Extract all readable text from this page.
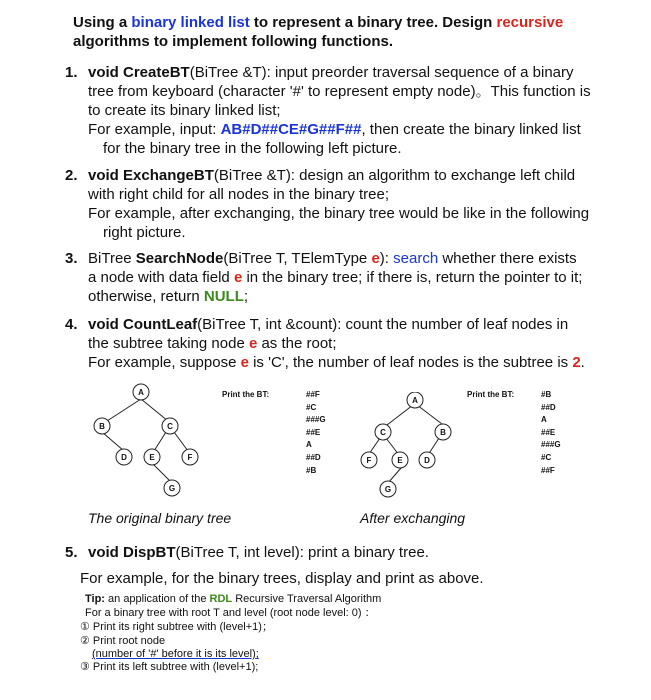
Using a binary linked list to represent a binary tree. Design recursive
algorithms to implement following functions.
1. void CreateBT(BiTree &T): input preorder traversal sequence of a binary
tree from keyboard (character '#' to represent empty node)。This function is
to create its binary linked list;
For example, input: AB#D##CE#G##F##, then create the binary linked list
for the binary tree in the following left picture.
2. void ExchangeBT(BiTree &T): design an algorithm to exchange left child
with right child for all nodes in the binary tree;
For example, after exchanging, the binary tree would be like in the following
right picture.
3. BiTree SearchNode(BiTree T, TElemType e): search whether there exists
a node with data field e in the binary tree; if there is, return the pointer to it;
otherwise, return NULL;
4. void CountLeaf(BiTree T, int &count): count the number of leaf nodes in
the subtree taking node e as the root;
For example, suppose e is 'C', the number of leaf nodes is the subtree is 2.
A
B	C
D	E	F
G
Print the BT:	##F
#C
###G
##E
A
##D
#B
A
C	B
F	E	D
G
Print the BT:	#B
##D
A
##E
###G
#C
##F
The original binary tree	After exchanging
5. void DispBT(BiTree T, int level): print a binary tree.
For example, for the binary trees, display and print as above.
Tip: an application of the RDL Recursive Traversal Algorithm
For a binary tree with root T and level (root node level: 0) ：
① Print its right subtree with (level+1)；
② Print root node
(number of '#' before it is its level);
③ Print its left subtree with (level+1);
